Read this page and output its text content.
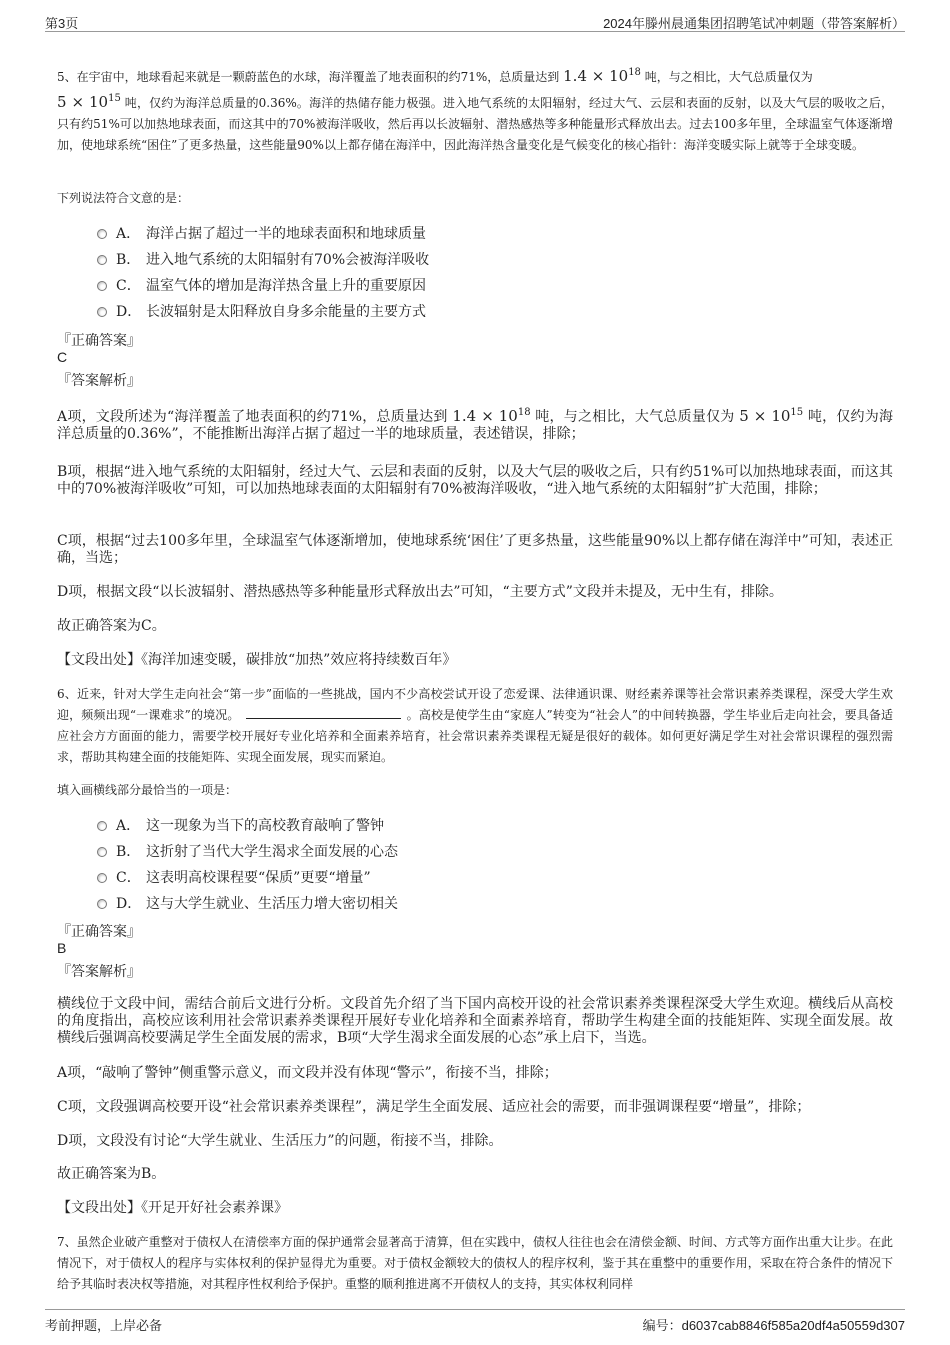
第3页	2024年滕州晨通集团招聘笔试冲刺题（带答案解析）
5、在宇宙中，地球看起来就是一颗蔚蓝色的水球，海洋覆盖了地表面积的约71%，总质量达到 $1.4 \times 10^{18}$ 吨，与之相比，大气总质量仅为
$5 \times 10^{15}$ 吨，仅约为海洋总质量的0.36%。海洋的热储存能力极强。进入地气系统的太阳辐射，经过大气、云层和表面的反射，以及大气层的吸收之后，只有约51%可以加热地球表面，而这其中的70%被海洋吸收，然后再以长波辐射、潜热感热等多种能量形式释放出去。过去100多年里，全球温室气体逐渐增加，使地球系统“困住”了更多热量，这些能量90%以上都存储在海洋中，因此海洋热含量变化是气候变化的核心指针：海洋变暖实际上就等于全球变暖。
下列说法符合文意的是：
A． 海洋占据了超过一半的地球表面积和地球质量
B． 进入地气系统的太阳辐射有70%会被海洋吸收
C． 温室气体的增加是海洋热含量上升的重要原因
D． 长波辐射是太阳释放自身多余能量的主要方式
『正确答案』
C
『答案解析』
A项，文段所述为“海洋覆盖了地表面积的约71%，总质量达到 $1.4 \times 10^{18}$ 吨，与之相比，大气总质量仅为 $5 \times 10^{15}$ 吨，仅约为海洋总质量的0.36%”，不能推断出海洋占据了超过一半的地球质量，表述错误，排除；
B项，根据“进入地气系统的太阳辐射，经过大气、云层和表面的反射，以及大气层的吸收之后，只有约51%可以加热地球表面，而这其中的70%被海洋吸收”可知，可以加热地球表面的太阳辐射有70%被海洋吸收，“进入地气系统的太阳辐射”扩大范围，排除；
C项，根据“过去100多年里，全球温室气体逐渐增加，使地球系统‘困住’了更多热量，这些能量90%以上都存储在海洋中”可知，表述正确，当选；
D项，根据文段“以长波辐射、潜热感热等多种能量形式释放出去”可知，“主要方式”文段并未提及，无中生有，排除。
故正确答案为C。
【文段出处】《海洋加速变暖，碳排放“加热”效应将持续数百年》
6、近来，针对大学生走向社会“第一步”面临的一些挑战，国内不少高校尝试开设了恋爱课、法律通识课、财经素养课等社会常识素养类课程，深受大学生欢迎，频频出现“一课难求”的境况。	。高校是使学生由“家庭人”转变为“社会人”的中间转换器，学生毕业后走向社会，要具备适应社会方方面面的能力，需要学校开展好专业化培养和全面素养培育，社会常识素养类课程无疑是很好的载体。如何更好满足学生对社会常识课程的强烈需求，帮助其构建全面的技能矩阵、实现全面发展，现实而紧迫。
填入画横线部分最恰当的一项是：
A． 这一现象为当下的高校教育敲响了警钟
B． 这折射了当代大学生渴求全面发展的心态
C． 这表明高校课程要“保质”更要“增量”
D． 这与大学生就业、生活压力增大密切相关
『正确答案』
B
『答案解析』
横线位于文段中间，需结合前后文进行分析。文段首先介绍了当下国内高校开设的社会常识素养类课程深受大学生欢迎。横线后从高校的角度指出，高校应该利用社会常识素养类课程开展好专业化培养和全面素养培育，帮助学生构建全面的技能矩阵、实现全面发展。故横线后强调高校要满足学生全面发展的需求，B项“大学生渴求全面发展的心态”承上启下，当选。
A项，“敲响了警钟”侧重警示意义，而文段并没有体现“警示”，衔接不当，排除；
C项，文段强调高校要开设“社会常识素养类课程”，满足学生全面发展、适应社会的需要，而非强调课程要“增量”，排除；
D项，文段没有讨论“大学生就业、生活压力”的问题，衔接不当，排除。
故正确答案为B。
【文段出处】《开足开好社会素养课》
7、虽然企业破产重整对于债权人在清偿率方面的保护通常会显著高于清算，但在实践中，债权人往往也会在清偿金额、时间、方式等方面作出重大让步。在此情况下，对于债权人的程序与实体权利的保护显得尤为重要。对于债权金额较大的债权人的程序权利，鉴于其在重整中的重要作用，采取在符合条件的情况下给予其临时表决权等措施，对其程序性权利给予保护。重整的顺利推进离不开债权人的支持，其实体权利同样
考前押题，上岸必备	编号：d6037cab8846f585a20df4a50559d307
